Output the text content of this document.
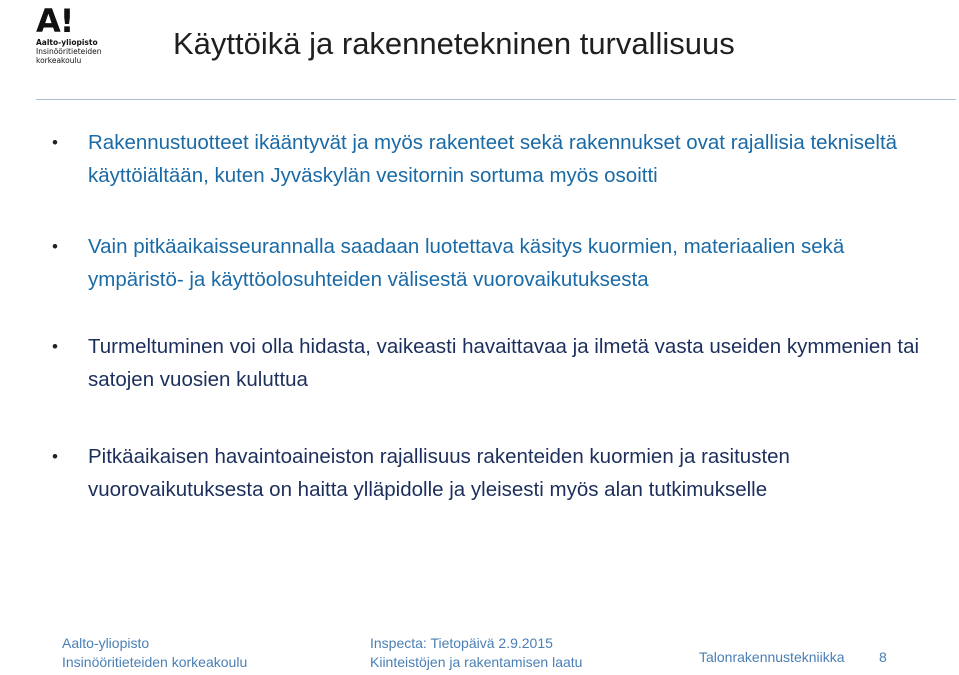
A!
Aalto-yliopisto
Insinööritieteiden
korkeakoulu	Käyttöikä ja rakennetekninen turvallisuus
• Rakennustuotteet ikääntyvät ja myös rakenteet sekä rakennukset ovat rajallisia tekniseltä käyttöiältään, kuten Jyväskylän vesitornin sortuma myös osoitti
• Vain pitkäaikaisseurannalla saadaan luotettava käsitys kuormien, materiaalien sekä ympäristö- ja käyttöolosuhteiden välisestä vuorovaikutuksesta
• Turmeltuminen voi olla hidasta, vaikeasti havaittavaa ja ilmetä vasta useiden kymmenien tai satojen vuosien kuluttua
• Pitkäaikaisen havaintoaineiston rajallisuus rakenteiden kuormien ja rasitusten vuorovaikutuksesta on haitta ylläpidolle ja yleisesti myös alan tutkimukselle
Aalto-yliopisto
Insinööritieteiden korkeakoulu
Inspecta: Tietopäivä 2.9.2015
Kiinteistöjen ja rakentamisen laatu	Talonrakennustekniikka 8
